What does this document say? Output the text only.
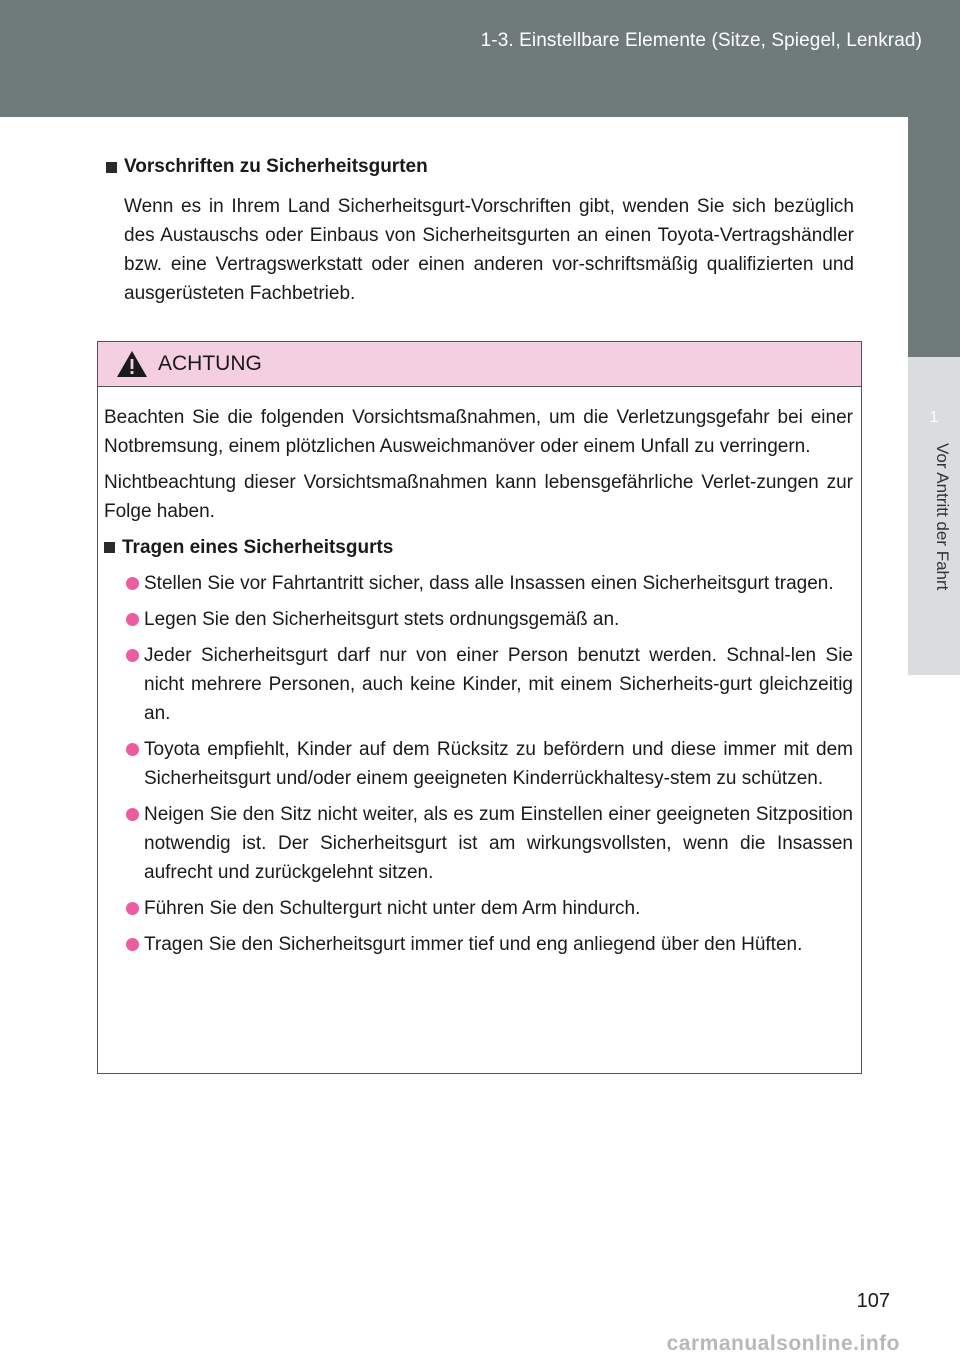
1-3. Einstellbare Elemente (Sitze, Spiegel, Lenkrad)
1
Vor Antritt der Fahrt
Vorschriften zu Sicherheitsgurten
Wenn es in Ihrem Land Sicherheitsgurt-Vorschriften gibt, wenden Sie sich bezüglich des Austauschs oder Einbaus von Sicherheitsgurten an einen Toyota-Vertragshändler bzw. eine Vertragswerkstatt oder einen anderen vor-schriftsmäßig qualifizierten und ausgerüsteten Fachbetrieb.
ACHTUNG

Beachten Sie die folgenden Vorsichtsmaßnahmen, um die Verletzungsgefahr bei einer Notbremsung, einem plötzlichen Ausweichmanöver oder einem Unfall zu verringern.

Nichtbeachtung dieser Vorsichtsmaßnahmen kann lebensgefährliche Verlet-zungen zur Folge haben.

Tragen eines Sicherheitsgurts
Stellen Sie vor Fahrtantritt sicher, dass alle Insassen einen Sicherheitsgurt tragen.
Legen Sie den Sicherheitsgurt stets ordnungsgemäß an.
Jeder Sicherheitsgurt darf nur von einer Person benutzt werden. Schnal-len Sie nicht mehrere Personen, auch keine Kinder, mit einem Sicherheits-gurt gleichzeitig an.
Toyota empfiehlt, Kinder auf dem Rücksitz zu befördern und diese immer mit dem Sicherheitsgurt und/oder einem geeigneten Kinderrückhaltesy-stem zu schützen.
Neigen Sie den Sitz nicht weiter, als es zum Einstellen einer geeigneten Sitzposition notwendig ist. Der Sicherheitsgurt ist am wirkungsvollsten, wenn die Insassen aufrecht und zurückgelehnt sitzen.
Führen Sie den Schultergurt nicht unter dem Arm hindurch.
Tragen Sie den Sicherheitsgurt immer tief und eng anliegend über den Hüften.
107
carmanualsonline.info
